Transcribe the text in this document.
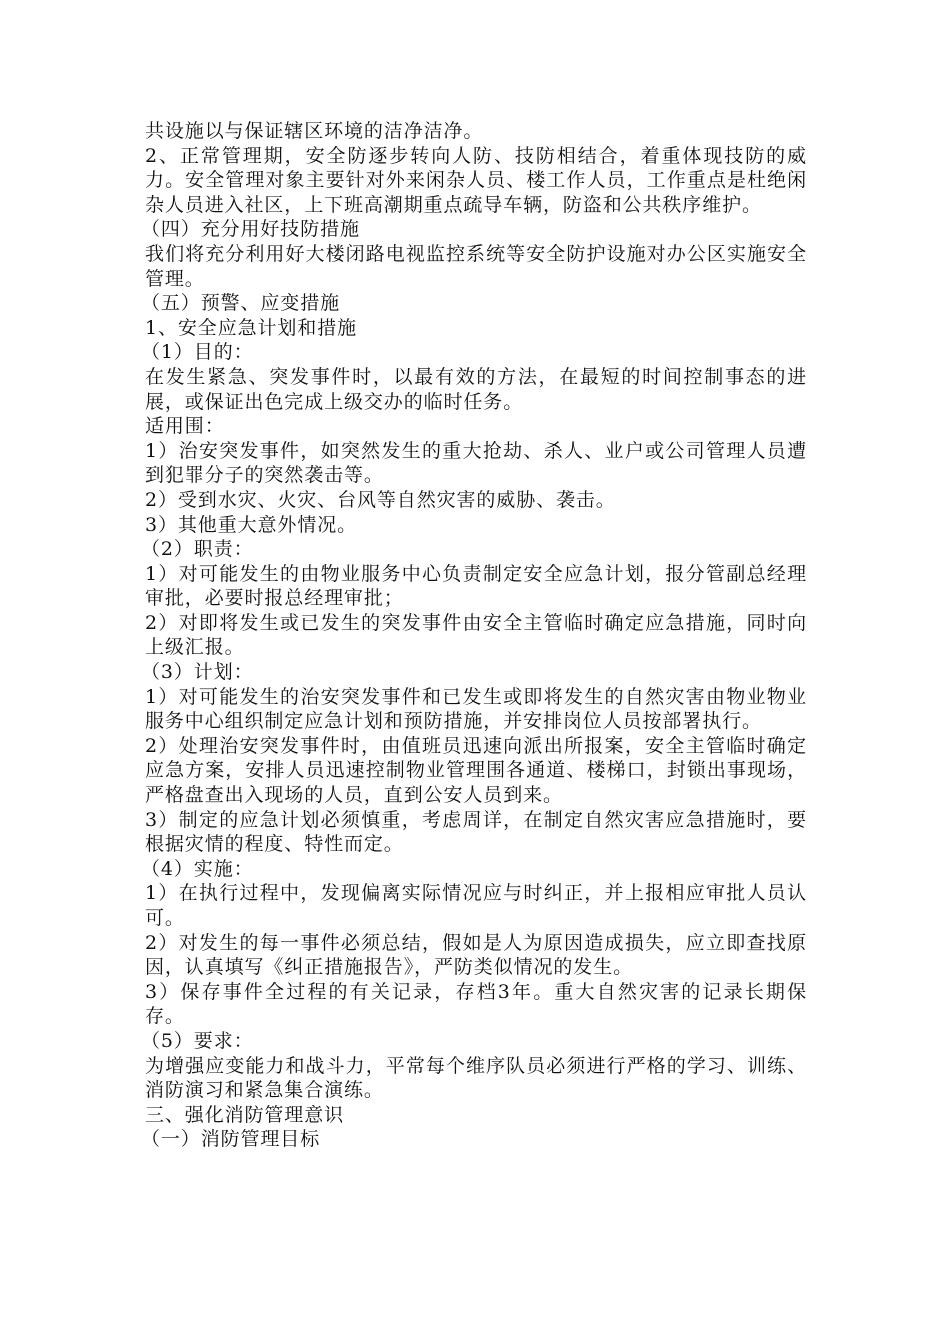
共设施以与保证辖区环境的洁净洁净。

2、正常管理期，安全防逐步转向人防、技防相结合，着重体现技防的威力。安全管理对象主要针对外来闲杂人员、楼工作人员，工作重点是杜绝闲杂人员进入社区，上下班高潮期重点疏导车辆，防盗和公共秩序维护。

（四）充分用好技防措施

我们将充分利用好大楼闭路电视监控系统等安全防护设施对办公区实施安全管理。

（五）预警、应变措施

1、安全应急计划和措施

（1）目的：

在发生紧急、突发事件时，以最有效的方法，在最短的时间控制事态的进展，或保证出色完成上级交办的临时任务。

适用围：

1）治安突发事件，如突然发生的重大抢劫、杀人、业户或公司管理人员遭到犯罪分子的突然袭击等。

2）受到水灾、火灾、台风等自然灾害的威胁、袭击。

3）其他重大意外情况。

（2）职责：

1）对可能发生的由物业服务中心负责制定安全应急计划，报分管副总经理审批，必要时报总经理审批；

2）对即将发生或已发生的突发事件由安全主管临时确定应急措施，同时向上级汇报。

（3）计划：

1）对可能发生的治安突发事件和已发生或即将发生的自然灾害由物业物业服务中心组织制定应急计划和预防措施，并安排岗位人员按部署执行。

2）处理治安突发事件时，由值班员迅速向派出所报案，安全主管临时确定应急方案，安排人员迅速控制物业管理围各通道、楼梯口，封锁出事现场，严格盘查出入现场的人员，直到公安人员到来。

3）制定的应急计划必须慎重，考虑周详，在制定自然灾害应急措施时，要根据灾情的程度、特性而定。

（4）实施：

1）在执行过程中，发现偏离实际情况应与时纠正，并上报相应审批人员认可。

2）对发生的每一事件必须总结，假如是人为原因造成损失，应立即查找原因，认真填写《纠正措施报告》，严防类似情况的发生。

3）保存事件全过程的有关记录，存档3年。重大自然灾害的记录长期保存。

（5）要求：

为增强应变能力和战斗力，平常每个维序队员必须进行严格的学习、训练、消防演习和紧急集合演练。

三、强化消防管理意识

（一）消防管理目标
